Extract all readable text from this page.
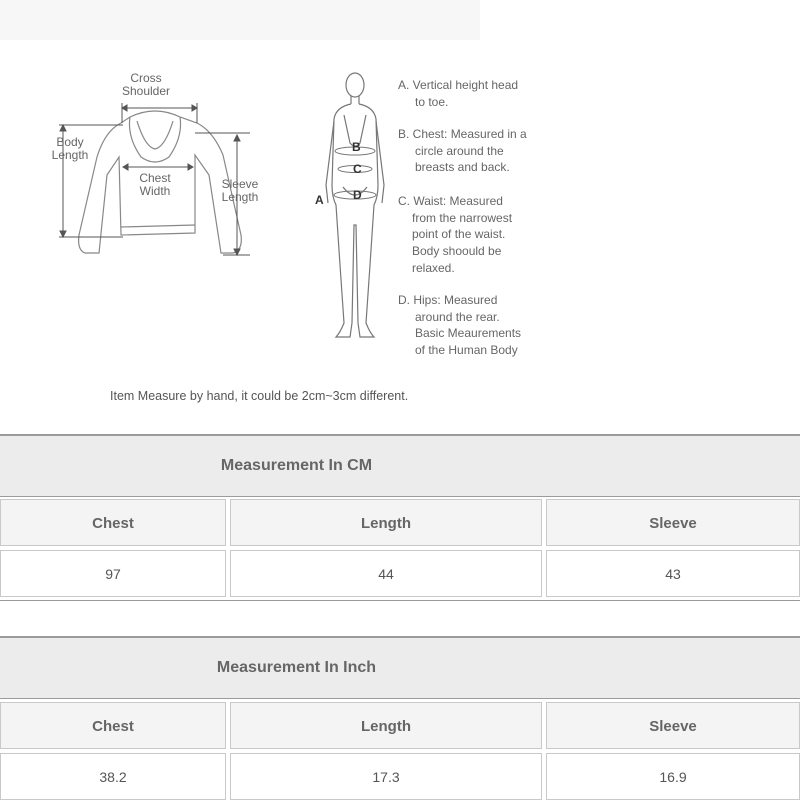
Cross
Shoulder
Body
Length
Chest
Width	Sleeve
Length	A
B
C
D
A. Vertical height head
to toe.
B. Chest: Measured in a
circle around the
breasts and back.
C. Waist: Measured
from the narrowest
point of the waist.
Body shoould be
relaxed.
D. Hips: Measured
around the rear.
Basic Meaurements
of the Human Body
Item Measure by hand, it could be 2cm~3cm different.
Measurement In CM
Chest	Length	Sleeve
97	44	43
Measurement In Inch
Chest	Length	Sleeve
38.2	17.3	16.9
